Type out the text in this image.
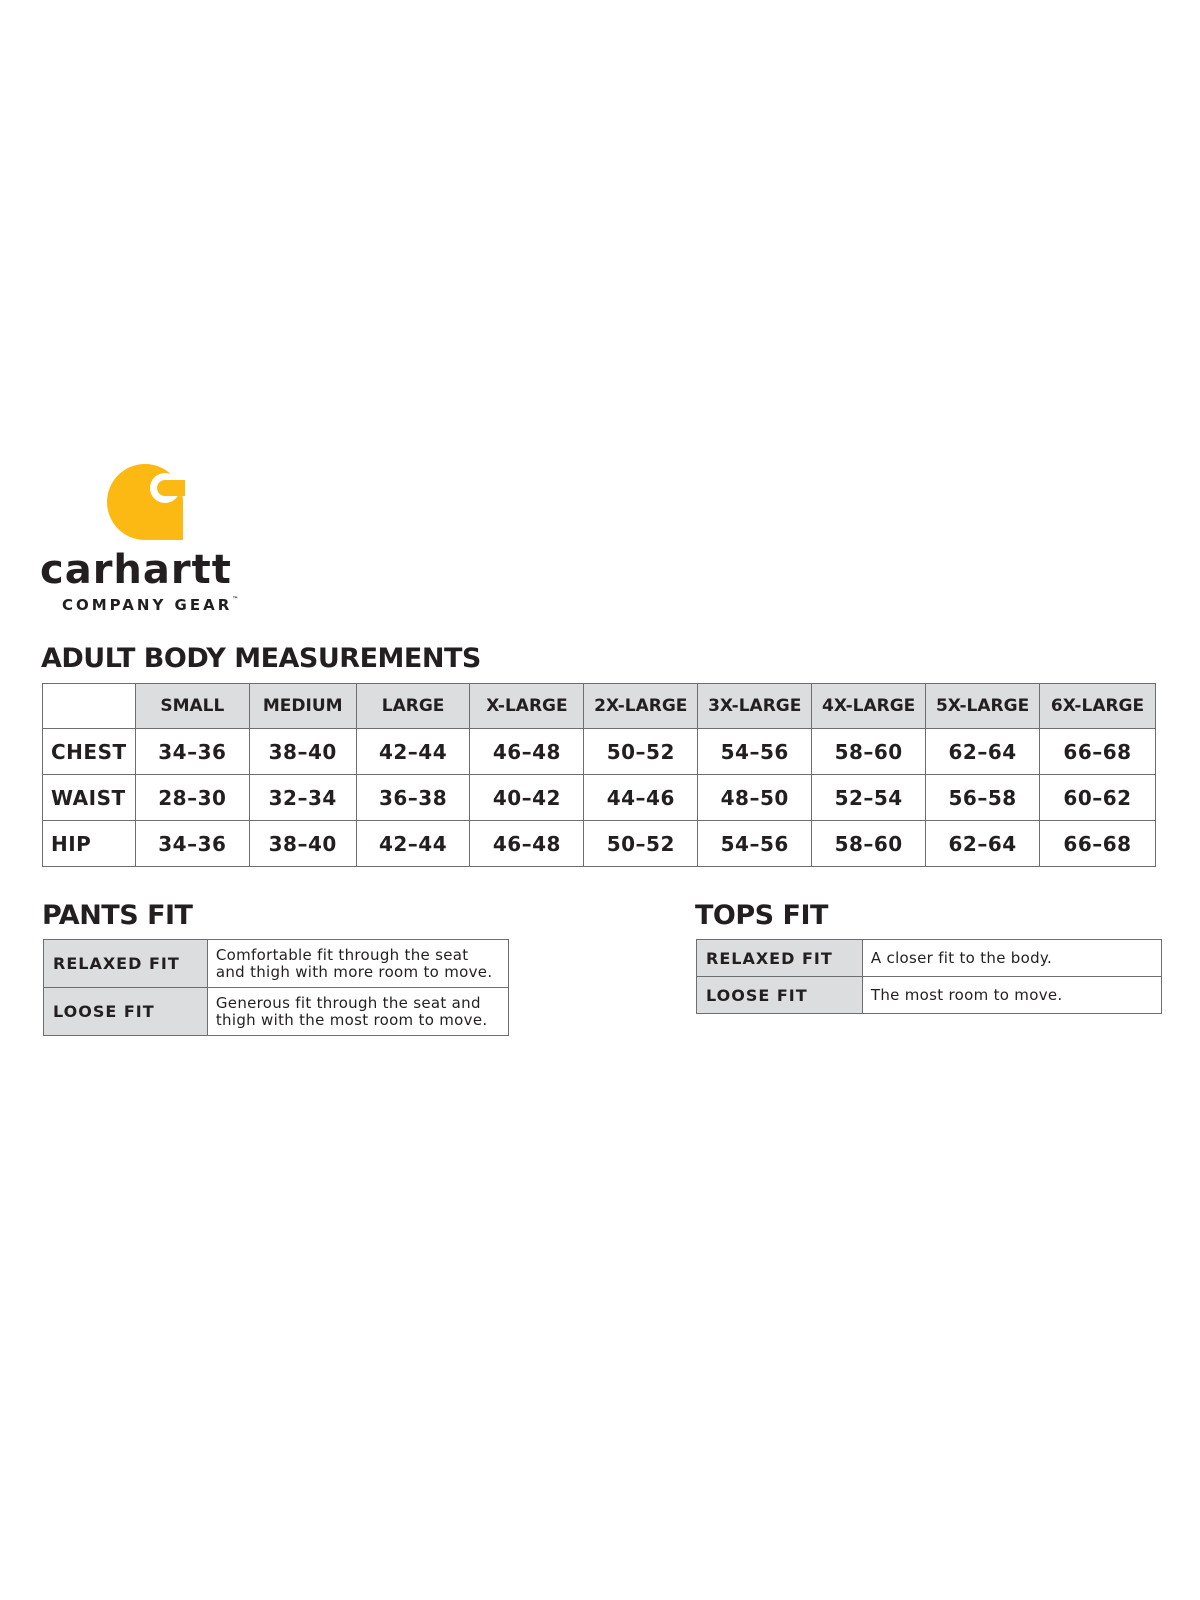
carhartt
COMPANY GEAR™
ADULT BODY MEASUREMENTS
	SMALL	MEDIUM	LARGE	X-LARGE	2X-LARGE	3X-LARGE	4X-LARGE	5X-LARGE	6X-LARGE
CHEST	34–36	38–40	42–44	46–48	50–52	54–56	58–60	62–64	66–68
WAIST	28–30	32–34	36–38	40–42	44–46	48–50	52–54	56–58	60–62
HIP	34–36	38–40	42–44	46–48	50–52	54–56	58–60	62–64	66–68
PANTS FIT
RELAXED FIT	Comfortable fit through the seat
and thigh with more room to move.
LOOSE FIT	Generous fit through the seat and
thigh with the most room to move.
TOPS FIT
RELAXED FIT	A closer fit to the body.
LOOSE FIT	The most room to move.
